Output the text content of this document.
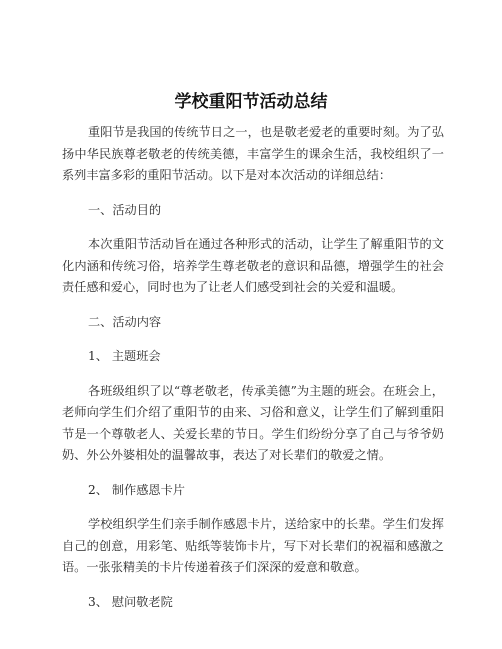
学校重阳节活动总结

重阳节是我国的传统节日之一，也是敬老爱老的重要时刻。为了弘扬中华民族尊老敬老的传统美德，丰富学生的课余生活，我校组织了一系列丰富多彩的重阳节活动。以下是对本次活动的详细总结：

一、活动目的

本次重阳节活动旨在通过各种形式的活动，让学生了解重阳节的文化内涵和传统习俗，培养学生尊老敬老的意识和品德，增强学生的社会责任感和爱心，同时也为了让老人们感受到社会的关爱和温暖。

二、活动内容

1、 主题班会

各班级组织了以“尊老敬老，传承美德”为主题的班会。在班会上，老师向学生们介绍了重阳节的由来、习俗和意义，让学生们了解到重阳节是一个尊敬老人、关爱长辈的节日。学生们纷纷分享了自己与爷爷奶奶、外公外婆相处的温馨故事，表达了对长辈们的敬爱之情。

2、 制作感恩卡片

学校组织学生们亲手制作感恩卡片，送给家中的长辈。学生们发挥自己的创意，用彩笔、贴纸等装饰卡片，写下对长辈们的祝福和感激之语。一张张精美的卡片传递着孩子们深深的爱意和敬意。

3、 慰问敬老院
